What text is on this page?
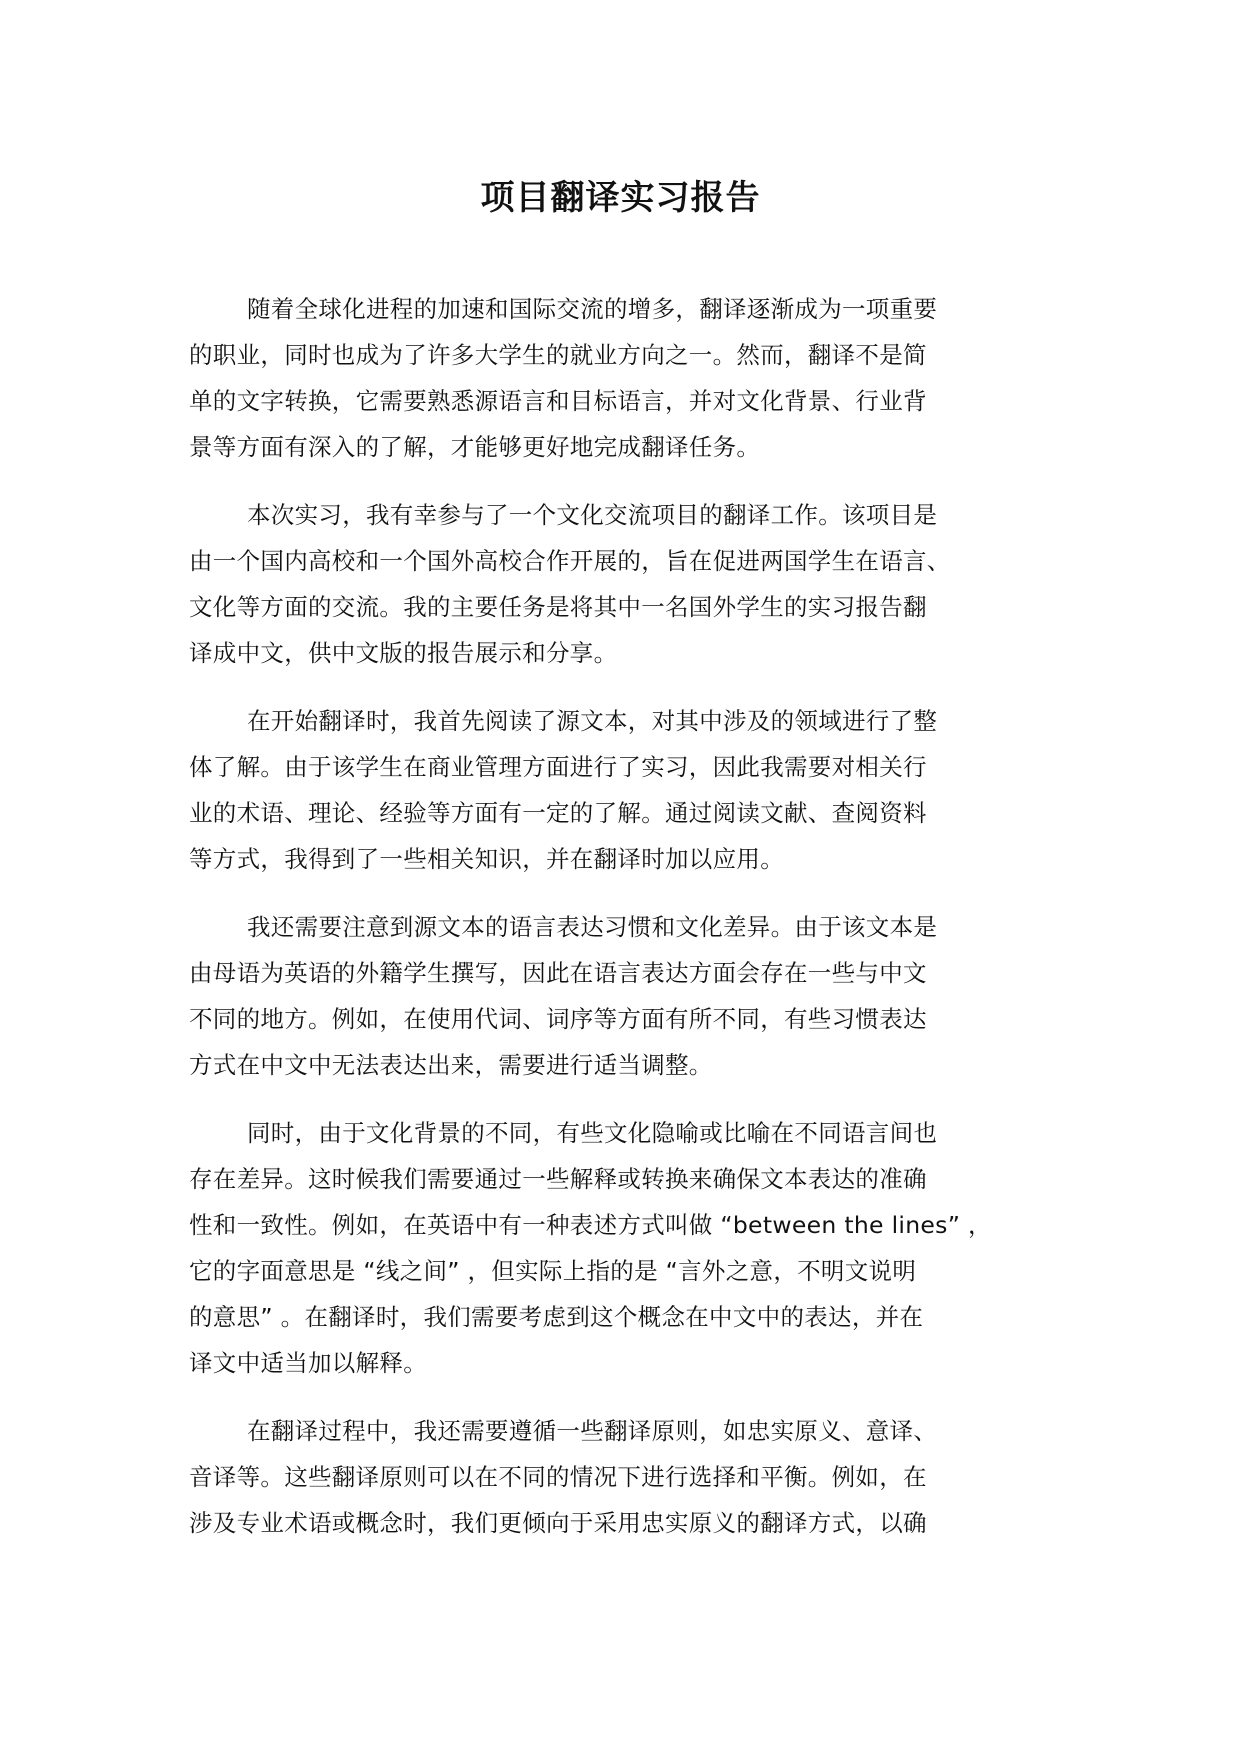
项目翻译实习报告

随着全球化进程的加速和国际交流的增多，翻译逐渐成为一项重要
的职业，同时也成为了许多大学生的就业方向之一。然而，翻译不是简
单的文字转换，它需要熟悉源语言和目标语言，并对文化背景、行业背
景等方面有深入的了解，才能够更好地完成翻译任务。

本次实习，我有幸参与了一个文化交流项目的翻译工作。该项目是
由一个国内高校和一个国外高校合作开展的，旨在促进两国学生在语言、
文化等方面的交流。我的主要任务是将其中一名国外学生的实习报告翻
译成中文，供中文版的报告展示和分享。

在开始翻译时，我首先阅读了源文本，对其中涉及的领域进行了整
体了解。由于该学生在商业管理方面进行了实习，因此我需要对相关行
业的术语、理论、经验等方面有一定的了解。通过阅读文献、查阅资料
等方式，我得到了一些相关知识，并在翻译时加以应用。

我还需要注意到源文本的语言表达习惯和文化差异。由于该文本是
由母语为英语的外籍学生撰写，因此在语言表达方面会存在一些与中文
不同的地方。例如，在使用代词、词序等方面有所不同，有些习惯表达
方式在中文中无法表达出来，需要进行适当调整。

同时，由于文化背景的不同，有些文化隐喻或比喻在不同语言间也
存在差异。这时候我们需要通过一些解释或转换来确保文本表达的准确
性和一致性。例如，在英语中有一种表述方式叫做 “between the lines” ，
它的字面意思是 “线之间” ，但实际上指的是 “言外之意，不明文说明
的意思” 。在翻译时，我们需要考虑到这个概念在中文中的表达，并在
译文中适当加以解释。

在翻译过程中，我还需要遵循一些翻译原则，如忠实原义、意译、
音译等。这些翻译原则可以在不同的情况下进行选择和平衡。例如，在
涉及专业术语或概念时，我们更倾向于采用忠实原义的翻译方式，以确
